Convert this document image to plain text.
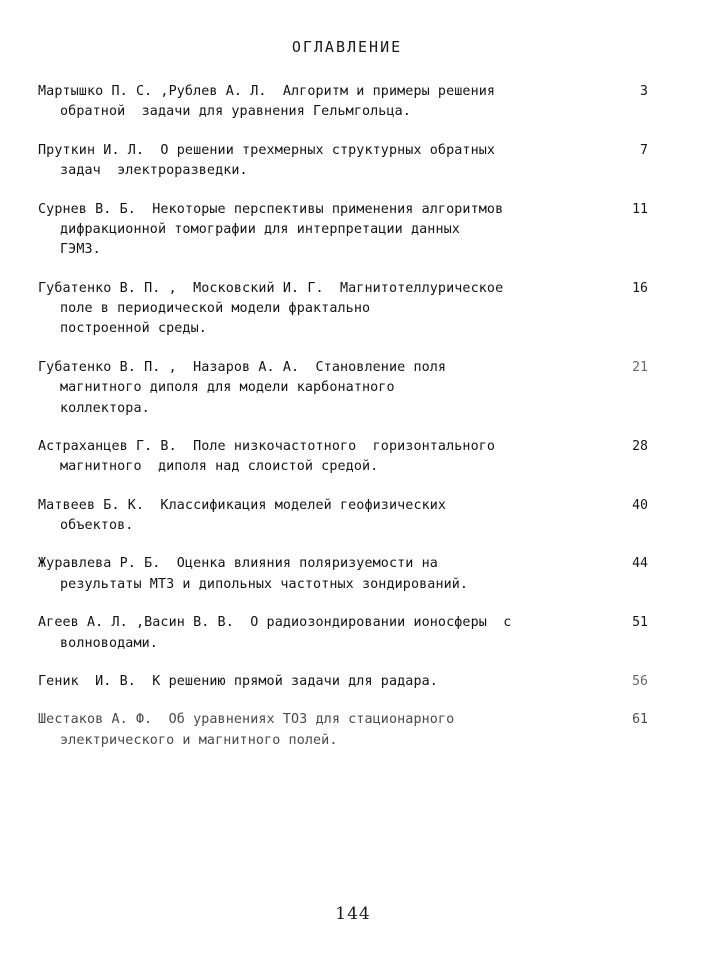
ОГЛАВЛЕНИЕ
Мартышко П. С. ,Рублев А. Л.  Алгоритм и примеры решения
обратной  задачи для уравнения Гельмгольца.
3
Пруткин И. Л.  О решении трехмерных структурных обратных
задач  электроразведки.
7
Сурнев В. Б.  Некоторые перспективы применения алгоритмов
дифракционной томографии для интерпретации данных
ГЭМЗ.
11
Губатенко В. П. ,  Московский И. Г.  Магнитотеллурическое
поле в периодической модели фрактально
построенной среды.
16
Губатенко В. П. ,  Назаров А. А.  Становление поля
магнитного диполя для модели карбонатного
коллектора.
21
Астраханцев Г. В.  Поле низкочастотного  горизонтального
магнитного  диполя над слоистой средой.
28
Матвеев Б. К.  Классификация моделей геофизических
объектов.
40
Журавлева Р. Б.  Оценка влияния поляризуемости на
результаты МТЗ и дипольных частотных зондирований.
44
Агеев А. Л. ,Васин В. В.  О радиозондировании ионосферы  с
волноводами.
51
Геник  И. В.  К решению прямой задачи для радара.	56
Шестаков А. Ф.  Об уравнениях ТОЗ для стационарного
электрического и магнитного полей.
61
144
